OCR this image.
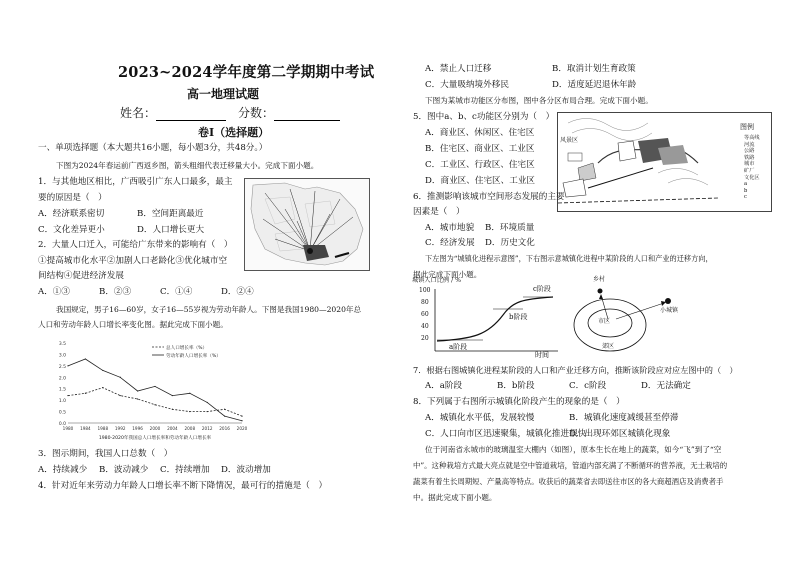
2023~2024学年度第二学期期中考试
高一地理试题
姓名：	分数：
卷Ⅰ（选择题）
一、单项选择题（本大题共16小题，每小题3分，共48分。）
下图为2024年春运前广西返乡图，箭头粗细代表迁移量大小。完成下面小题。
1．与其他地区相比，广西吸引广东人口最多，最主
要的原因是（　）
A．经济联系密切	B．空间距离最近
C．文化差异更小	D．人口增长更大
2．大量人口迁入，可能给广东带来的影响有（　）
①提高城市化水平②加剧人口老龄化③优化城市空
间结构④促进经济发展
A．①③	B．②③	C．①④	D．②④
我国规定，男子16—60岁，女子16—55岁视为劳动年龄人。下图是我国1980—2020年总
人口和劳动年龄人口增长率变化图。据此完成下面小题。
0.0
0.5
1.0
1.5
2.0
2.5
3.0
3.5
1980 1984 1988 1992 1996 2000 2004 2008 2012 2016 2020
总人口增长率（%）
劳动年龄人口增长率（%）
1980-2020年我国总人口增长率和劳动年龄人口增长率
3．图示期间，我国人口总数（　）
A．持续减少 B．波动减少 C．持续增加 D．波动增加
4．针对近年来劳动力年龄人口增长率不断下降情况，最可行的措施是（　）
A．禁止人口迁移	B．取消计划生育政策
C．大量吸纳境外移民	D．适度延迟退休年龄
下图为某城市功能区分布图，图中各分区布局合理。完成下面小题。
5．图中a、b、c功能区分别为（　）
A．商业区、休闲区、住宅区
B．住宅区、商业区、工业区
C．工业区、行政区、住宅区
D．商业区、住宅区、工业区
风景区
图例
等高线
河流
公路
铁路
城市
矿厂
文化区
a
b
c
6．推测影响该城市空间形态发展的主要
因素是（　）
A．城市地貌 B．环境质量
C．经济发展 D．历史文化
下左图为“城镇化进程示意图”，下右图示意城镇化进程中某阶段的人口和产业的迁移方向，
据此完成下面小题。
城镇人口比例 / %
100
80
60
40
20
a阶段
b阶段
c阶段
时间
乡村
市区
郊区
小城镇
7．根据右图城镇化进程某阶段的人口和产业迁移方向，推断该阶段应对应左图中的（　）
A．a阶段	B．b阶段	C．c阶段	D．无法确定
8．下列属于右图所示城镇化阶段产生的现象的是（　）
A．城镇化水平低，发展较慢	B．城镇化速度减缓甚至停滞
C．人口向市区迅速聚集，城镇化推进很快
D．出现环郊区城镇化现象
位于河南省永城市的玻璃温室大棚内（如图），原本生长在地上的蔬菜，如今“飞”到了“空
中”。这种栽培方式最大亮点就是空中管道栽培，管道内部充满了不断循环的营养液，无土栽培的
蔬菜有着生长周期短、产量高等特点。收获后的蔬菜省去即送往市区的各大商超酒店及消费者手
中。据此完成下面小题。
